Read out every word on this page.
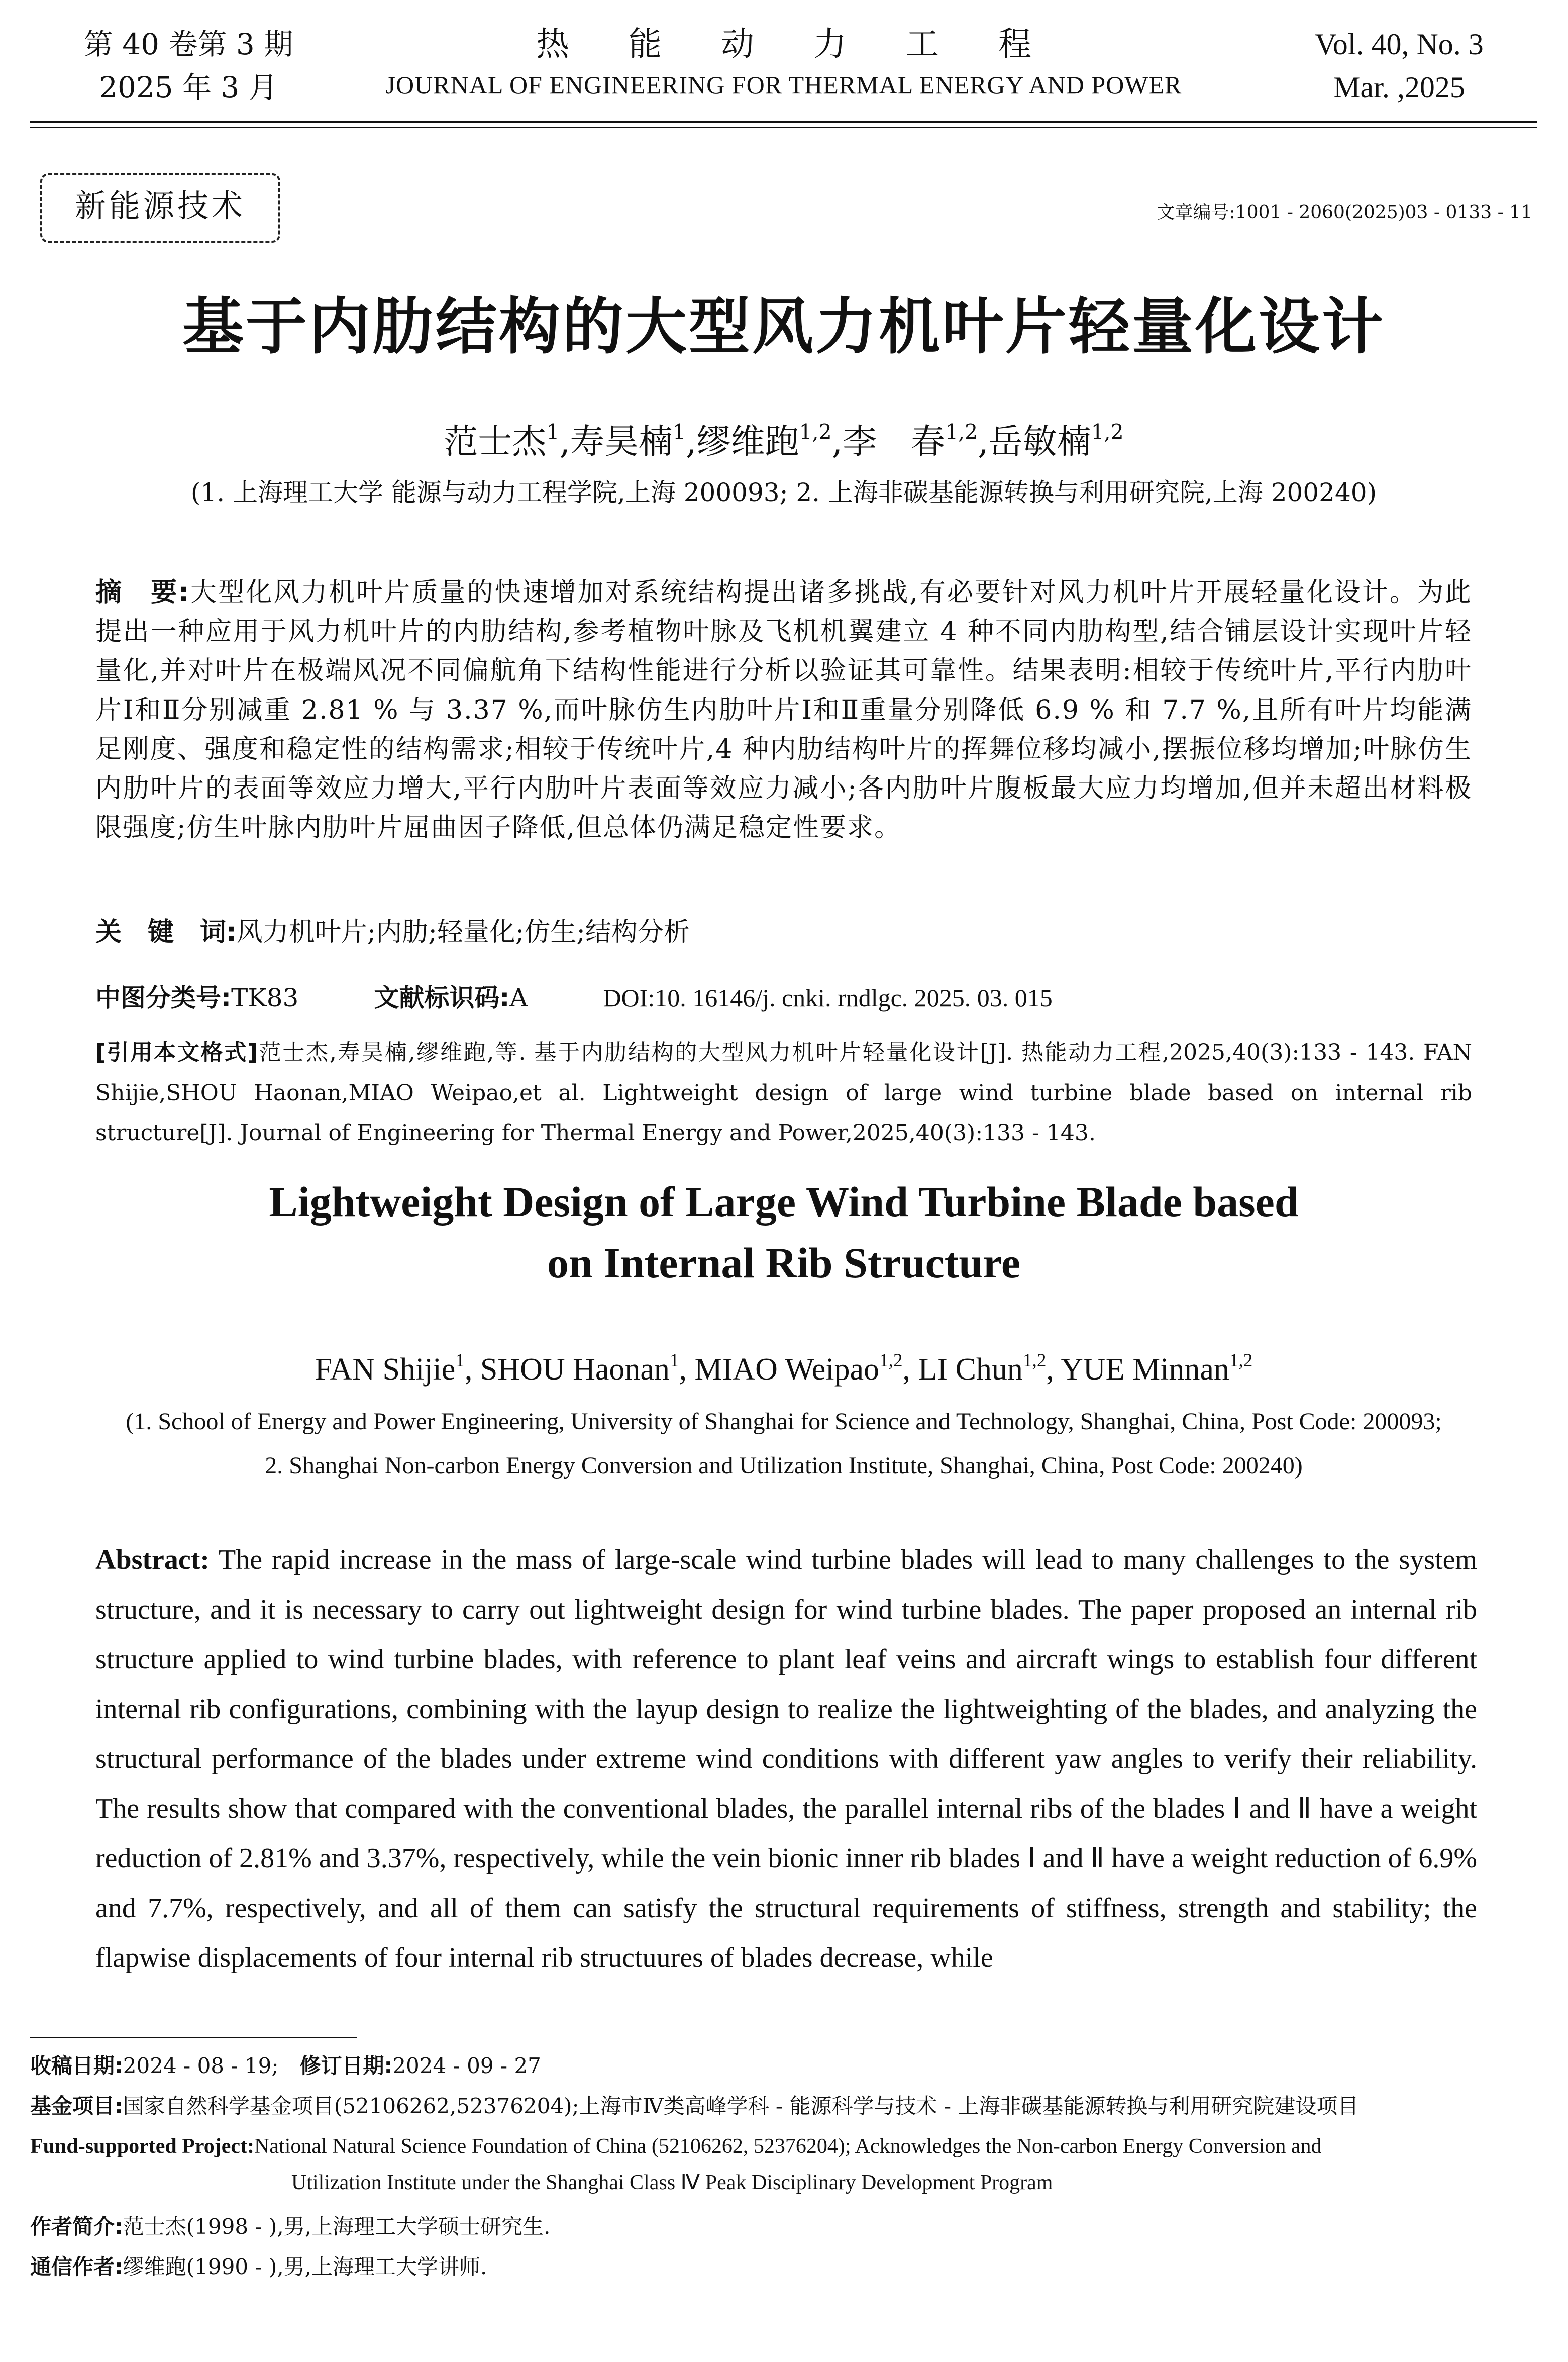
第 40 卷第 3 期
2025 年 3 月
热能动力工程
JOURNAL OF ENGINEERING FOR THERMAL ENERGY AND POWER
Vol. 40, No. 3
Mar. ,2025
新能源技术	文章编号:1001 - 2060(2025)03 - 0133 - 11
基于内肋结构的大型风力机叶片轻量化设计
范士杰$^1$,寿昊楠$^1$,缪维跑$^{1,2}$,李　春$^{1,2}$,岳敏楠$^{1,2}$
(1. 上海理工大学 能源与动力工程学院,上海 200093; 2. 上海非碳基能源转换与利用研究院,上海 200240)
摘　要:大型化风力机叶片质量的快速增加对系统结构提出诸多挑战,有必要针对风力机叶片开展轻量化设计。为此提出一种应用于风力机叶片的内肋结构,参考植物叶脉及飞机机翼建立 4 种不同内肋构型,结合铺层设计实现叶片轻量化,并对叶片在极端风况不同偏航角下结构性能进行分析以验证其可靠性。结果表明:相较于传统叶片,平行内肋叶片Ⅰ和Ⅱ分别减重 2.81 % 与 3.37 %,而叶脉仿生内肋叶片Ⅰ和Ⅱ重量分别降低 6.9 % 和 7.7 %,且所有叶片均能满足刚度、强度和稳定性的结构需求;相较于传统叶片,4 种内肋结构叶片的挥舞位移均减小,摆振位移均增加;叶脉仿生内肋叶片的表面等效应力增大,平行内肋叶片表面等效应力减小;各内肋叶片腹板最大应力均增加,但并未超出材料极限强度;仿生叶脉内肋叶片屈曲因子降低,但总体仍满足稳定性要求。
关　键　词:风力机叶片;内肋;轻量化;仿生;结构分析
中图分类号:TK83	文献标识码:A	DOI:10. 16146/j. cnki. rndlgc. 2025. 03. 015
[引用本文格式]范士杰,寿昊楠,缪维跑,等. 基于内肋结构的大型风力机叶片轻量化设计[J]. 热能动力工程,2025,40(3):133 - 143. FAN Shijie,SHOU Haonan,MIAO Weipao,et al. Lightweight design of large wind turbine blade based on internal rib structure[J]. Journal of Engineering for Thermal Energy and Power,2025,40(3):133 - 143.
Lightweight Design of Large Wind Turbine Blade based
on Internal Rib Structure
FAN Shijie$^1$, SHOU Haonan$^1$, MIAO Weipao$^{1,2}$, LI Chun$^{1,2}$, YUE Minnan$^{1,2}$
(1. School of Energy and Power Engineering, University of Shanghai for Science and Technology, Shanghai, China, Post Code: 200093;
2. Shanghai Non-carbon Energy Conversion and Utilization Institute, Shanghai, China, Post Code: 200240)
Abstract: The rapid increase in the mass of large-scale wind turbine blades will lead to many challenges to the system structure, and it is necessary to carry out lightweight design for wind turbine blades. The paper proposed an internal rib structure applied to wind turbine blades, with reference to plant leaf veins and aircraft wings to establish four different internal rib configurations, combining with the layup design to realize the lightweighting of the blades, and analyzing the structural performance of the blades under extreme wind conditions with different yaw angles to verify their reliability. The results show that compared with the conventional blades, the parallel internal ribs of the blades Ⅰ and Ⅱ have a weight reduction of 2.81% and 3.37%, respectively, while the vein bionic inner rib blades Ⅰ and Ⅱ have a weight reduction of 6.9% and 7.7%, respectively, and all of them can satisfy the structural requirements of stiffness, strength and stability; the flapwise displacements of four internal rib structuures of blades decrease, while
收稿日期:2024 - 08 - 19;　 修订日期:2024 - 09 - 27
基金项目:国家自然科学基金项目(52106262,52376204);上海市Ⅳ类高峰学科 - 能源科学与技术 - 上海非碳基能源转换与利用研究院建设项目
Fund-supported Project:National Natural Science Foundation of China (52106262, 52376204); Acknowledges the Non-carbon Energy Conversion and
Utilization Institute under the Shanghai Class Ⅳ Peak Disciplinary Development Program
作者简介:范士杰(1998 - ),男,上海理工大学硕士研究生.
通信作者:缪维跑(1990 - ),男,上海理工大学讲师.
